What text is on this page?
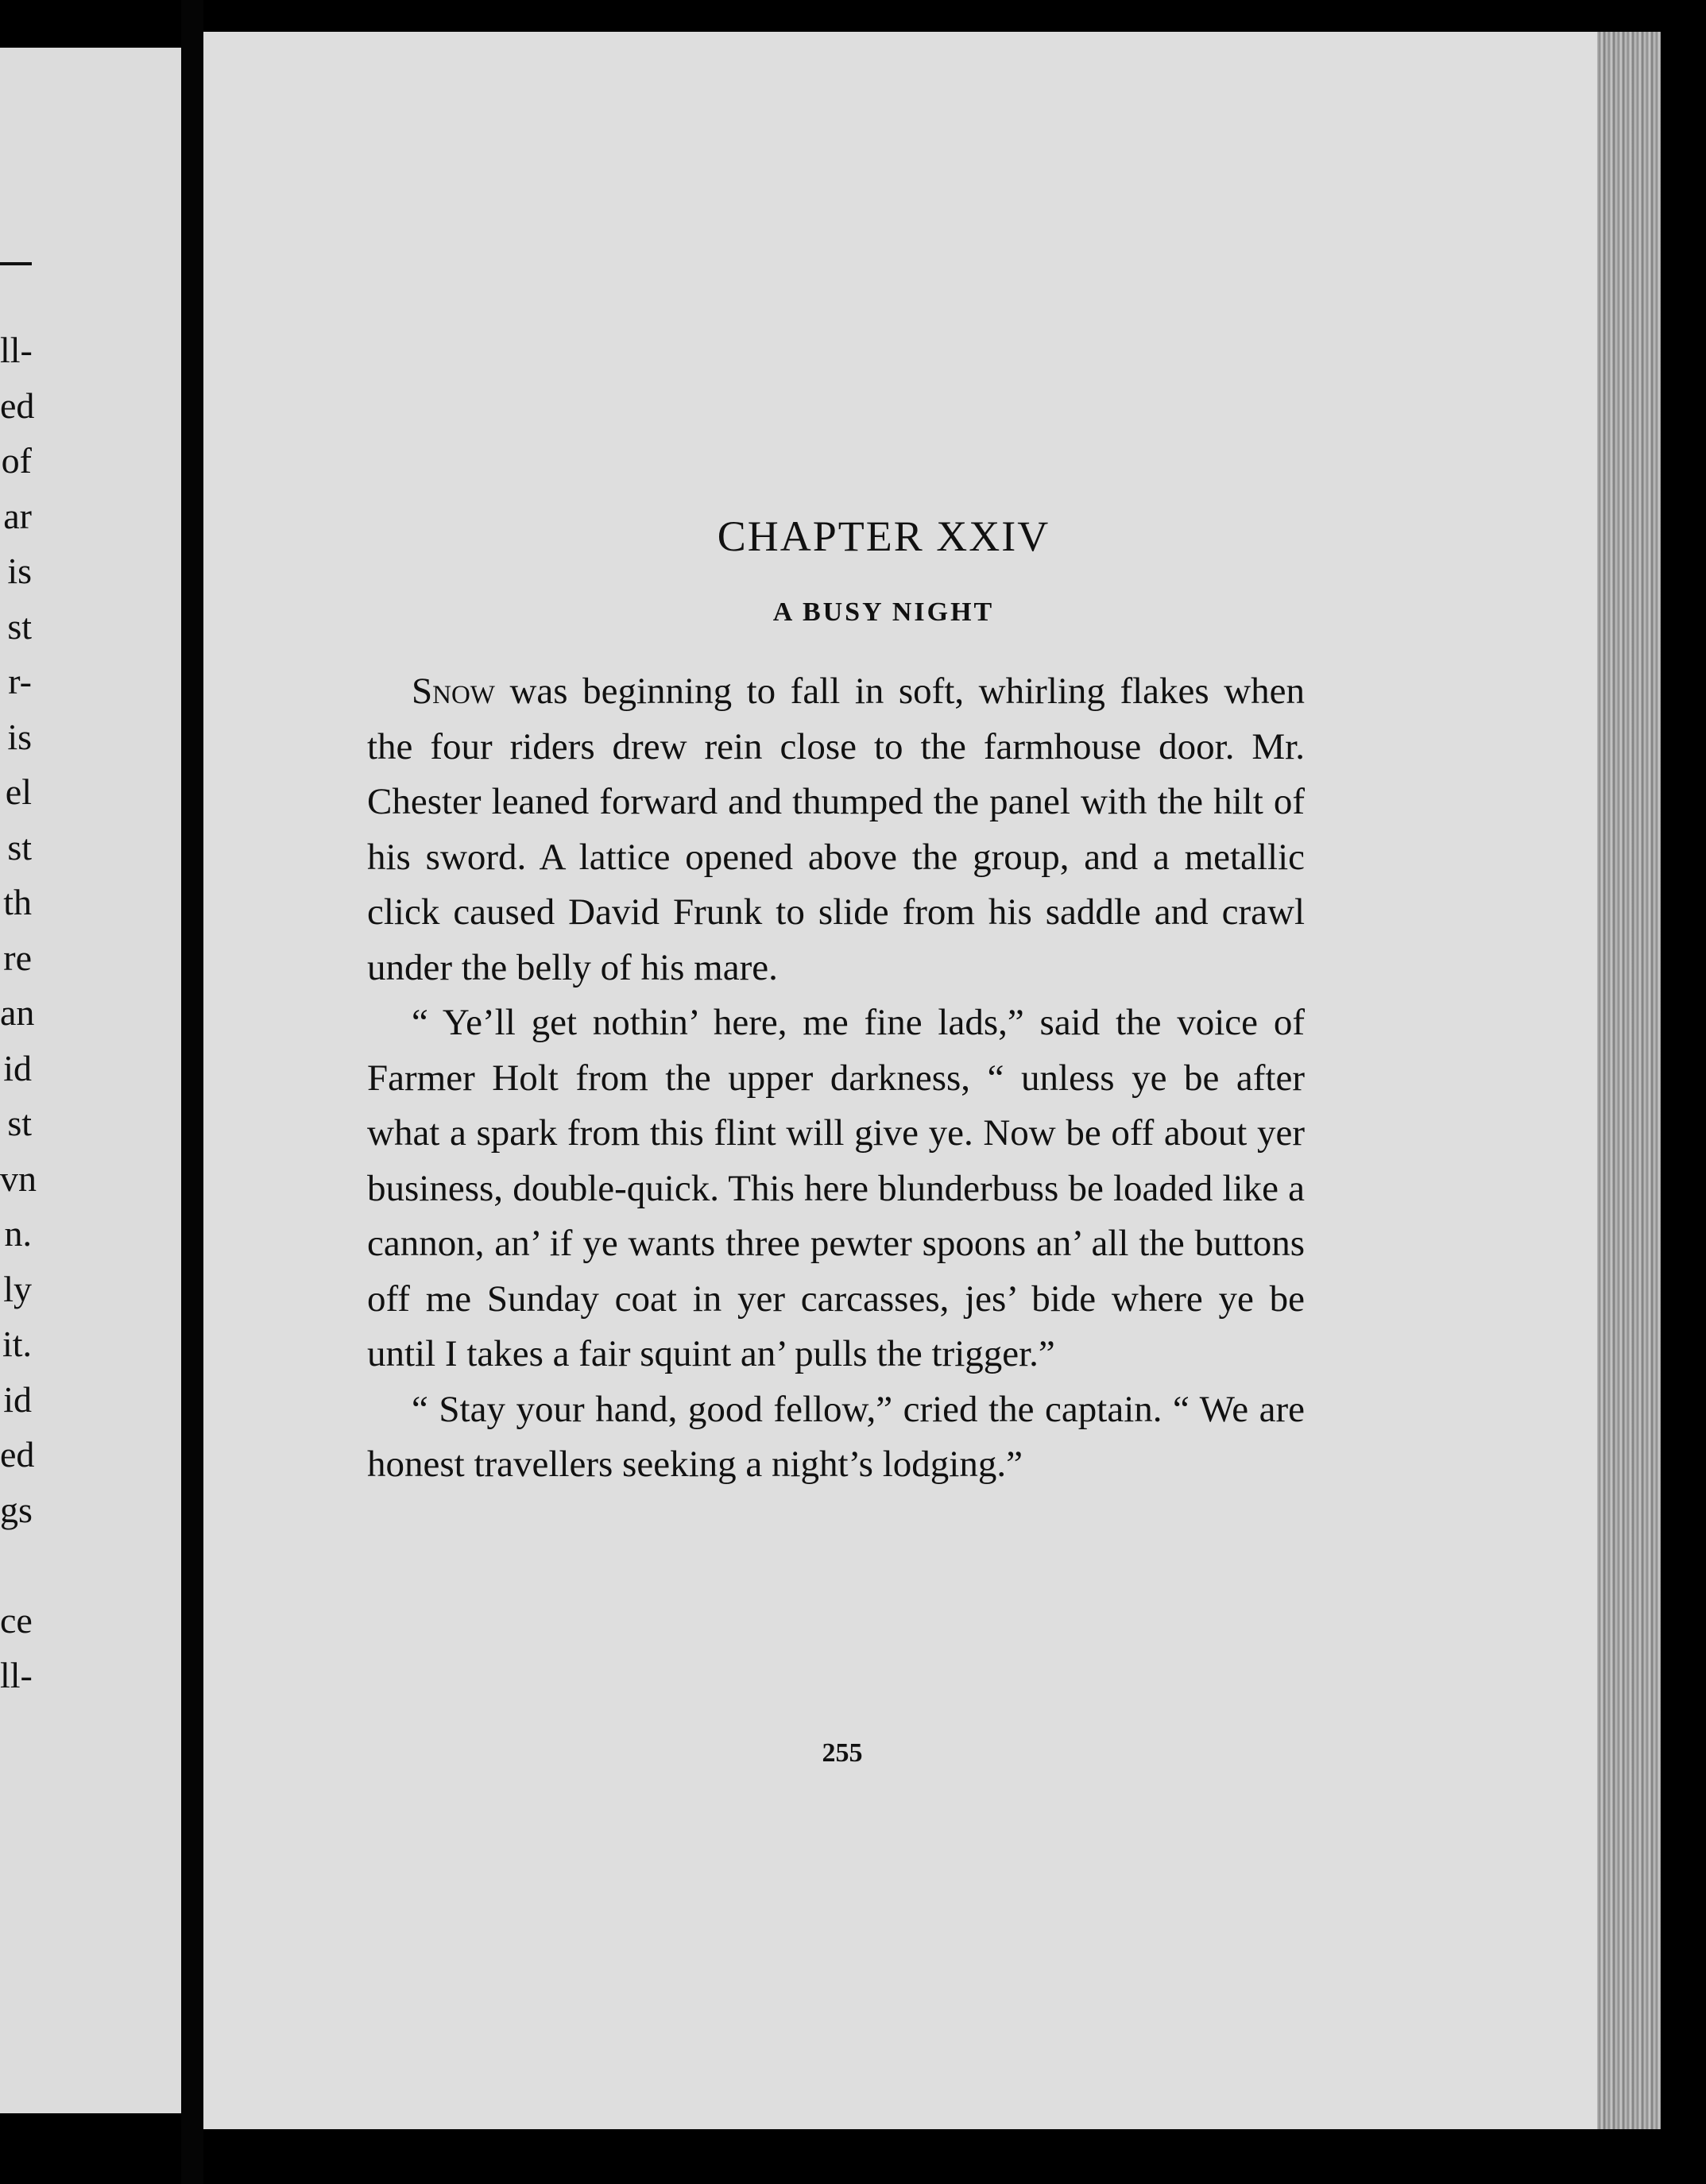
ll-
ed
of
ar
is
st
r-
is
el
st
th
re
an
id
st
vn
n.
ly
it.
id
ed
gs
ce
ll-
CHAPTER XXIV
A BUSY NIGHT

Snow was beginning to fall in soft, whirling flakes when the four riders drew rein close to the farmhouse door. Mr. Chester leaned forward and thumped the panel with the hilt of his sword. A lattice opened above the group, and a metallic click caused David Frunk to slide from his saddle and crawl under the belly of his mare.

“ Ye’ll get nothin’ here, me fine lads,” said the voice of Farmer Holt from the upper darkness, “ unless ye be after what a spark from this flint will give ye. Now be off about yer business, double-quick. This here blunderbuss be loaded like a cannon, an’ if ye wants three pewter spoons an’ all the buttons off me Sunday coat in yer carcasses, jes’ bide where ye be until I takes a fair squint an’ pulls the trigger.”

“ Stay your hand, good fellow,” cried the captain. “ We are honest travellers seeking a night’s lodging.”

255
